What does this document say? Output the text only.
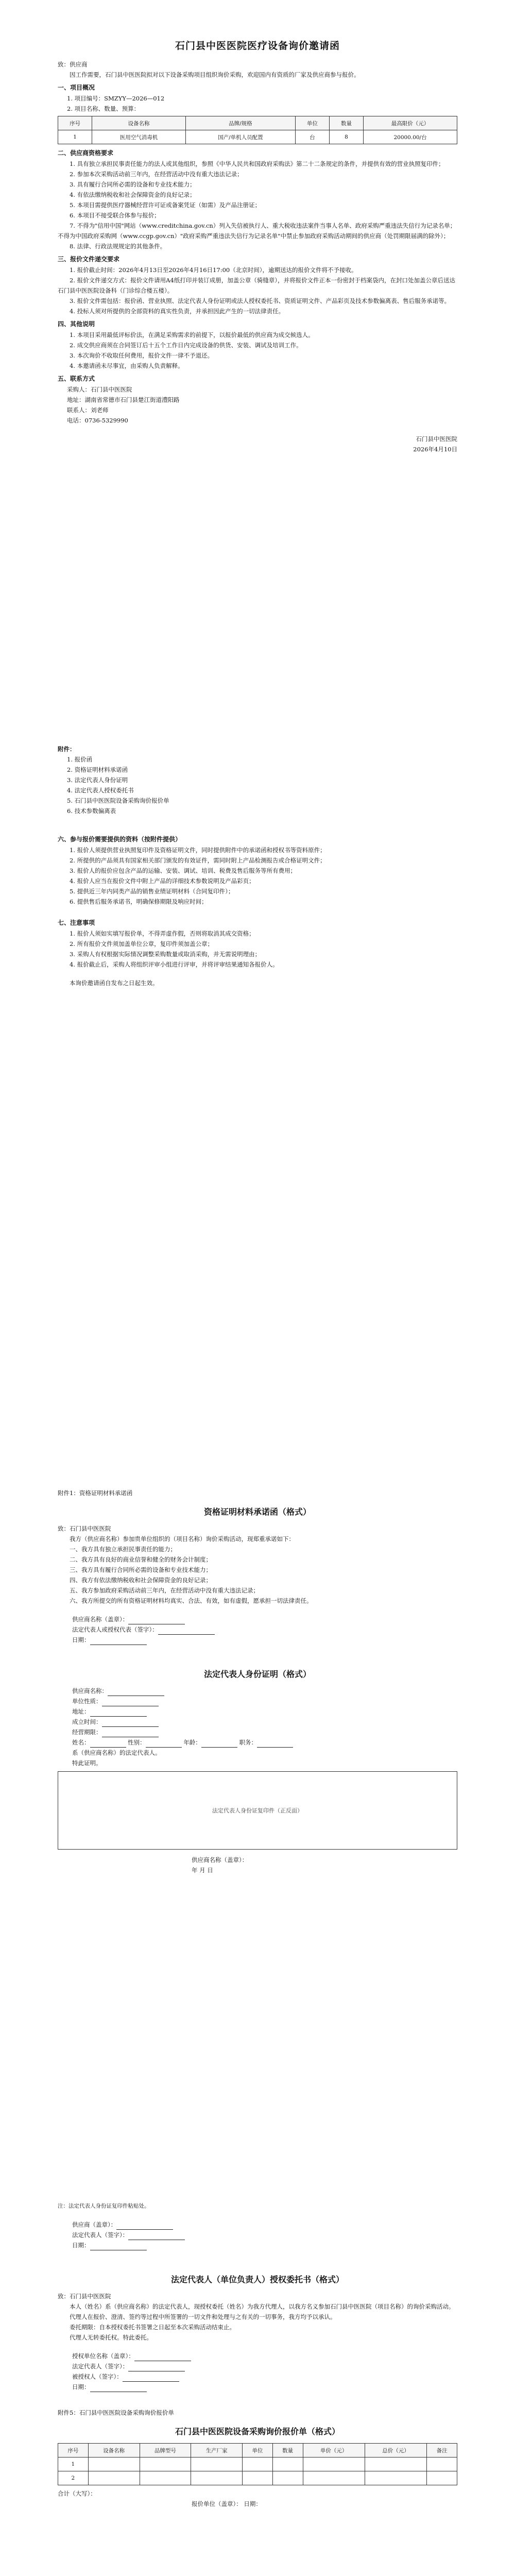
石门县中医医院医疗设备询价邀请函

致：供应商

因工作需要，石门县中医医院拟对以下设备采购项目组织询价采购，欢迎国内有资质的厂家及供应商参与报价。

一、项目概况

1. 项目编号：SMZYY—2026—012

2. 项目名称、数量、预算：

序号	设备名称	品牌/规格	单位	数量	最高限价（元）
1	医用空气消毒机	国产/单机人员配置	台	8	20000.00/台

二、供应商资格要求

1. 具有独立承担民事责任能力的法人或其他组织，参照《中华人民共和国政府采购法》第二十二条规定的条件，并提供有效的营业执照复印件；

2. 参加本次采购活动前三年内，在经营活动中没有重大违法记录；

3. 具有履行合同所必需的设备和专业技术能力；

4. 有依法缴纳税收和社会保障资金的良好记录；

5. 本项目需提供医疗器械经营许可证或备案凭证（如需）及产品注册证；

6. 本项目不接受联合体参与报价；

7. 不得为"信用中国"网站（www.creditchina.gov.cn）列入失信被执行人、重大税收违法案件当事人名单、政府采购严重违法失信行为记录名单；不得为中国政府采购网（www.ccgp.gov.cn）"政府采购严重违法失信行为记录名单"中禁止参加政府采购活动期间的供应商（处罚期限届满的除外）；

8. 法律、行政法规规定的其他条件。

三、报价文件递交要求

1. 报价截止时间：2026年4月13日至2026年4月16日17:00（北京时间），逾期送达的报价文件将不予接收。

2. 报价文件递交方式：报价文件请用A4纸打印并装订成册，加盖公章（骑缝章），并将报价文件正本一份密封于档案袋内，在封口处加盖公章后送达石门县中医医院设备科（门诊综合楼五楼）。

3. 报价文件需包括：报价函、营业执照、法定代表人身份证明或法人授权委托书、资质证明文件、产品彩页及技术参数偏离表、售后服务承诺等。

4. 投标人须对所提供的全部资料的真实性负责，并承担因此产生的一切法律责任。

四、其他说明

1. 本项目采用最低评标价法，在满足采购需求的前提下，以报价最低的供应商为成交候选人。

2. 成交供应商须在合同签订后十五个工作日内完成设备的供货、安装、调试及培训工作。

3. 本次询价不收取任何费用，报价文件一律不予退还。

4. 本邀请函未尽事宜，由采购人负责解释。

五、联系方式

采购人：石门县中医医院

地址：湖南省常德市石门县楚江街道澧阳路

联系人：刘老师

电话：0736-5329990

石门县中医医院

2026年4月10日

附件：

1. 报价函

2. 资格证明材料承诺函

3. 法定代表人身份证明

4. 法定代表人授权委托书

5. 石门县中医医院设备采购询价报价单

6. 技术参数偏离表

六、参与报价需要提供的资料（按附件提供）

1. 报价人须提供营业执照复印件及资格证明文件，同时提供附件中的承诺函和授权书等资料原件；

2. 所提供的产品须具有国家相关部门颁发的有效证件，需同时附上产品检测报告或合格证明文件；

3. 报价人的报价应包含产品的运输、安装、调试、培训、税费及售后服务等所有费用；

4. 报价人应当在报价文件中附上产品的详细技术参数说明及产品彩页；

5. 提供近三年内同类产品的销售业绩证明材料（合同复印件）；

6. 提供售后服务承诺书，明确保修期限及响应时间；

七、注意事项

1. 报价人须如实填写报价单，不得弄虚作假，否则将取消其成交资格；

2. 所有报价文件须加盖单位公章，复印件须加盖公章；

3. 采购人有权根据实际情况调整采购数量或取消采购，并无需说明理由；

4. 报价截止后，采购人将组织评审小组进行评审，并将评审结果通知各报价人。

本询价邀请函自发布之日起生效。

附件1：资格证明材料承诺函

资格证明材料承诺函（格式）

致：石门县中医医院

我方（供应商名称）参加贵单位组织的（项目名称）询价采购活动，现郑重承诺如下：

一、我方具有独立承担民事责任的能力；

二、我方具有良好的商业信誉和健全的财务会计制度；

三、我方具有履行合同所必需的设备和专业技术能力；

四、我方有依法缴纳税收和社会保障资金的良好记录；

五、我方参加政府采购活动前三年内，在经营活动中没有重大违法记录；

六、我方所提交的所有资格证明材料均真实、合法、有效，如有虚假，愿承担一切法律责任。

供应商名称（盖章）：

法定代表人或授权代表（签字）：

日期：

法定代表人身份证明（格式）

供应商名称：

单位性质：

地址：

成立时间：

经营期限：

姓名：	性别：	年龄：	职务：

系（供应商名称）的法定代表人。

特此证明。

法定代表人身份证复印件（正反面）

供应商名称（盖章）：

年 月 日

注：法定代表人身份证复印件粘贴处。

供应商（盖章）：

法定代表人（签字）：

日期：

法定代表人（单位负责人）授权委托书（格式）

致：石门县中医医院

本人（姓名）系（供应商名称）的法定代表人，现授权委托（姓名）为我方代理人，以我方名义参加石门县中医医院（项目名称）的询价采购活动。

代理人在报价、澄清、签约等过程中所签署的一切文件和处理与之有关的一切事务，我方均予以承认。

委托期限：自本授权委托书签署之日起至本次采购活动结束止。

代理人无转委托权。特此委托。

授权单位名称（盖章）：

法定代表人（签字）：

被授权人（签字）：

日期：

附件5：石门县中医医院设备采购询价报价单

石门县中医医院设备采购询价报价单（格式）
序号	设备名称	品牌型号	生产厂家	单位	数量	单价（元）	总价（元）	备注
1								
2								

合计（大写）：

报价单位（盖章）： 日期：
